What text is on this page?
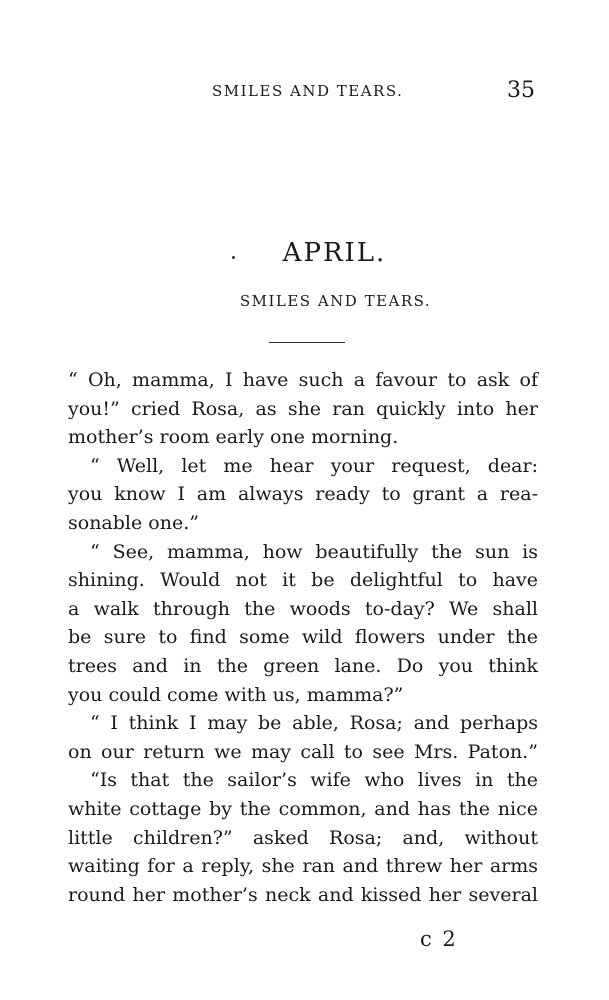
SMILES AND TEARS.	35
APRIL.
SMILES AND TEARS.
“ Oh, mamma, I have such a favour to ask of
you!” cried Rosa, as she ran quickly into her
mother’s room early one morning.
“ Well, let me hear your request, dear:
you know I am always ready to grant a rea-
sonable one.”
“ See, mamma, how beautifully the sun is
shining. Would not it be delightful to have
a walk through the woods to-day? We shall
be sure to find some wild flowers under the
trees and in the green lane. Do you think
you could come with us, mamma?”
“ I think I may be able, Rosa; and perhaps
on our return we may call to see Mrs. Paton.”
“Is that the sailor’s wife who lives in the
white cottage by the common, and has the nice
little children?” asked Rosa; and, without
waiting for a reply, she ran and threw her arms
round her mother’s neck and kissed her several
c 2
